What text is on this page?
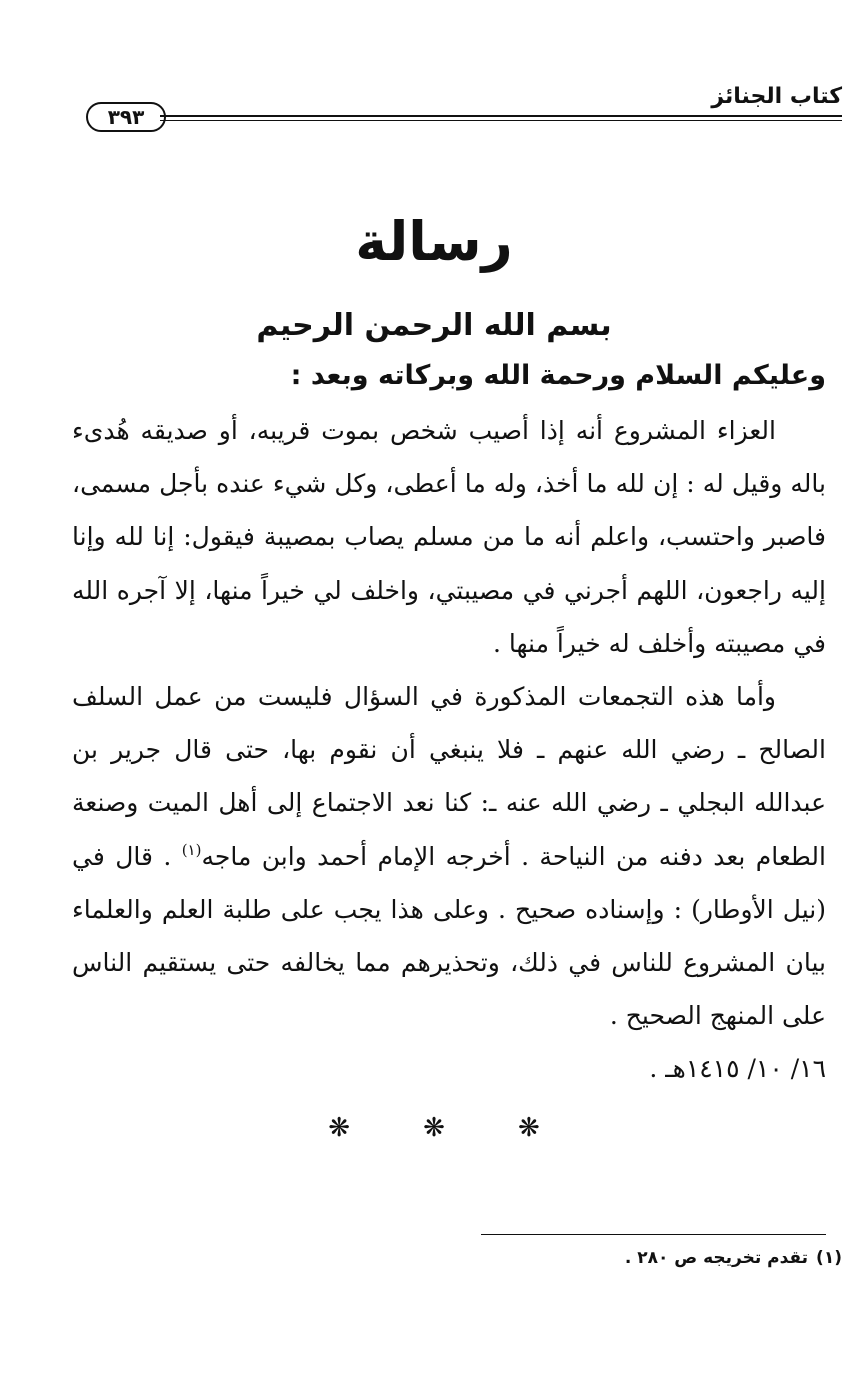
كتاب الجنائز
٣٩٣
رسالة
بسم الله الرحمن الرحيم
وعليكم السلام ورحمة الله وبركاته وبعد :

العزاء المشروع أنه إذا أصيب شخص بموت قريبه، أو صديقه هُدىء باله وقيل له : إن لله ما أخذ، وله ما أعطى، وكل شيء عنده بأجل مسمى، فاصبر واحتسب، واعلم أنه ما من مسلم يصاب بمصيبة فيقول: إنا لله وإنا إليه راجعون، اللهم أجرني في مصيبتي، واخلف لي خيراً منها، إلا آجره الله في مصيبته وأخلف له خيراً منها .

وأما هذه التجمعات المذكورة في السؤال فليست من عمل السلف الصالح ـ رضي الله عنهم ـ فلا ينبغي أن نقوم بها، حتى قال جرير بن عبدالله البجلي ـ رضي الله عنه ـ: كنا نعد الاجتماع إلى أهل الميت وصنعة الطعام بعد دفنه من النياحة . أخرجه الإمام أحمد وابن ماجه$^{(١)}$ . قال في (نيل الأوطار) : وإسناده صحيح . وعلى هذا يجب على طلبة العلم والعلماء بيان المشروع للناس في ذلك، وتحذيرهم مما يخالفه حتى يستقيم الناس على المنهج الصحيح .

١٦/ ١٠/ ١٤١٥هـ .

❋ ❋ ❋
(١)تقدم تخريجه ص ٢٨٠ .
